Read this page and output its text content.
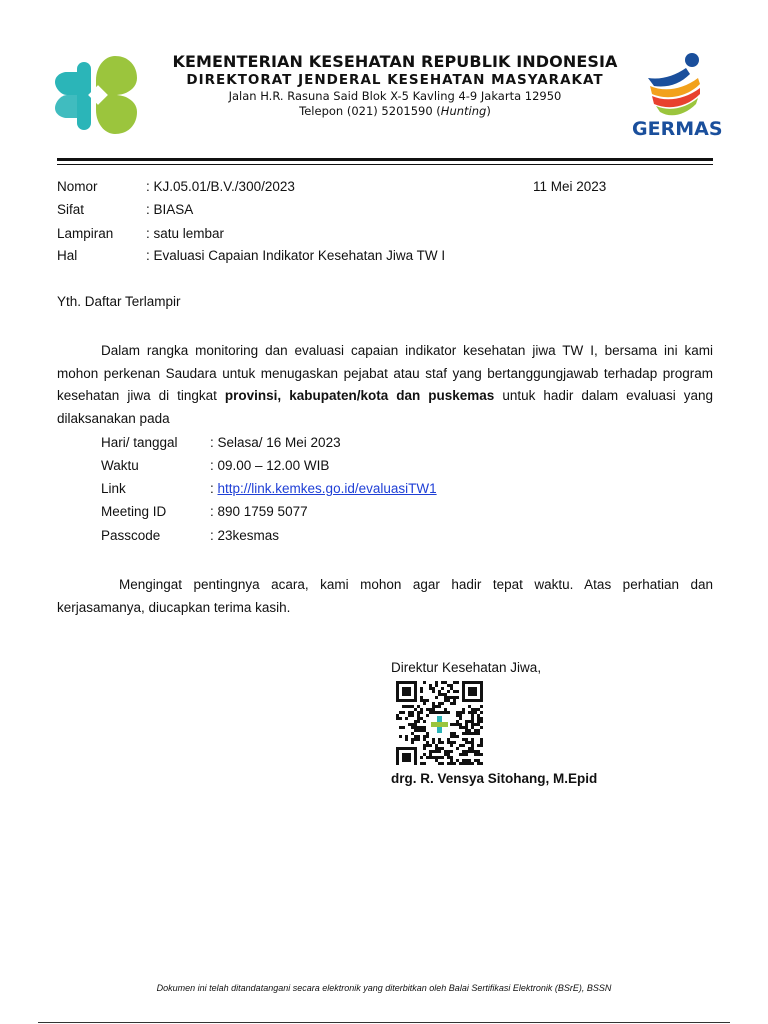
KEMENTERIAN KESEHATAN REPUBLIK INDONESIA
DIREKTORAT JENDERAL KESEHATAN MASYARAKAT
Jalan H.R. Rasuna Said Blok X-5 Kavling 4-9 Jakarta 12950
Telepon (021) 5201590 (Hunting)
GERMAS
Nomor	: KJ.05.01/B.V./300/2023	11 Mei 2023
Sifat	: BIASA
Lampiran : satu lembar
Hal	: Evaluasi Capaian Indikator Kesehatan Jiwa TW I
Yth. Daftar Terlampir

Dalam rangka monitoring dan evaluasi capaian indikator kesehatan jiwa TW I, bersama ini kami mohon perkenan Saudara untuk menugaskan pejabat atau staf yang bertanggungjawab terhadap program kesehatan jiwa di tingkat provinsi, kabupaten/kota dan puskemas untuk hadir dalam evaluasi yang dilaksanakan pada

Hari/ tanggal : Selasa/ 16 Mei 2023
Waktu	: 09.00 – 12.00 WIB
Link	: http://link.kemkes.go.id/evaluasiTW1
Meeting ID	: 890 1759 5077
Passcode	: 23kesmas

Mengingat pentingnya acara, kami mohon agar hadir tepat waktu. Atas perhatian dan kerjasamanya, diucapkan terima kasih.

Direktur Kesehatan Jiwa,
drg. R. Vensya Sitohang, M.Epid
Dokumen ini telah ditandatangani secara elektronik yang diterbitkan oleh Balai Sertifikasi Elektronik (BSrE), BSSN
